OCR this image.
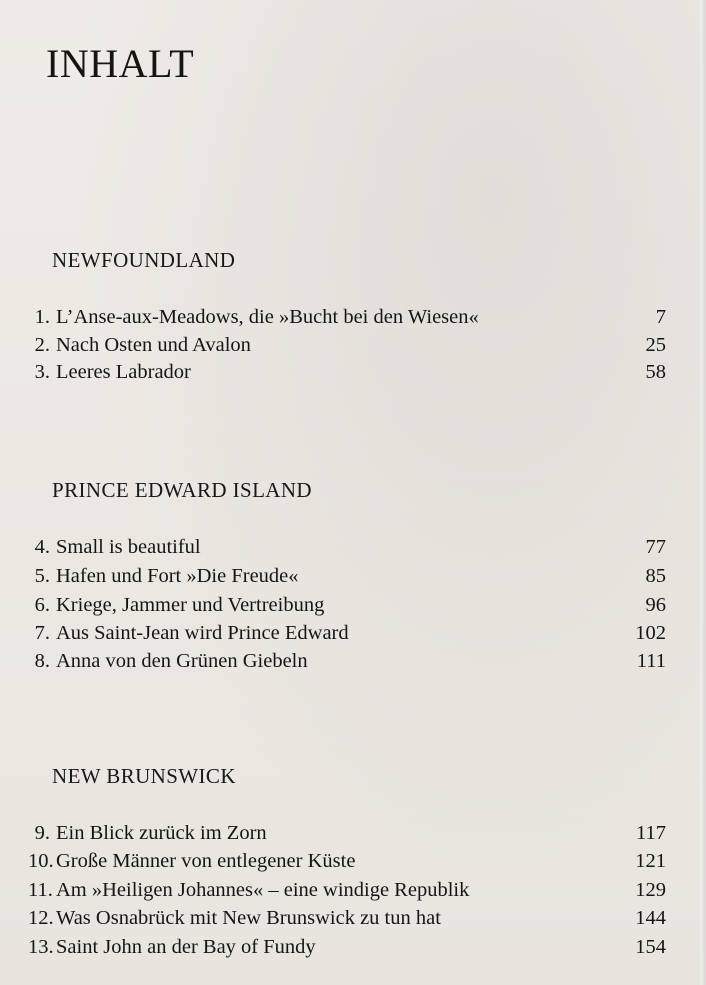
INHALT
NEWFOUNDLAND
1. L’Anse-aux-Meadows, die »Bucht bei den Wiesen«	7
2. Nach Osten und Avalon	25
3. Leeres Labrador	58
PRINCE EDWARD ISLAND
4. Small is beautiful	77
5. Hafen und Fort »Die Freude«	85
6. Kriege, Jammer und Vertreibung	96
7. Aus Saint-Jean wird Prince Edward	102
8. Anna von den Grünen Giebeln	111
NEW BRUNSWICK
9. Ein Blick zurück im Zorn	117
10. Große Männer von entlegener Küste	121
11. Am »Heiligen Johannes« – eine windige Republik	129
12. Was Osnabrück mit New Brunswick zu tun hat	144
13. Saint John an der Bay of Fundy	154
